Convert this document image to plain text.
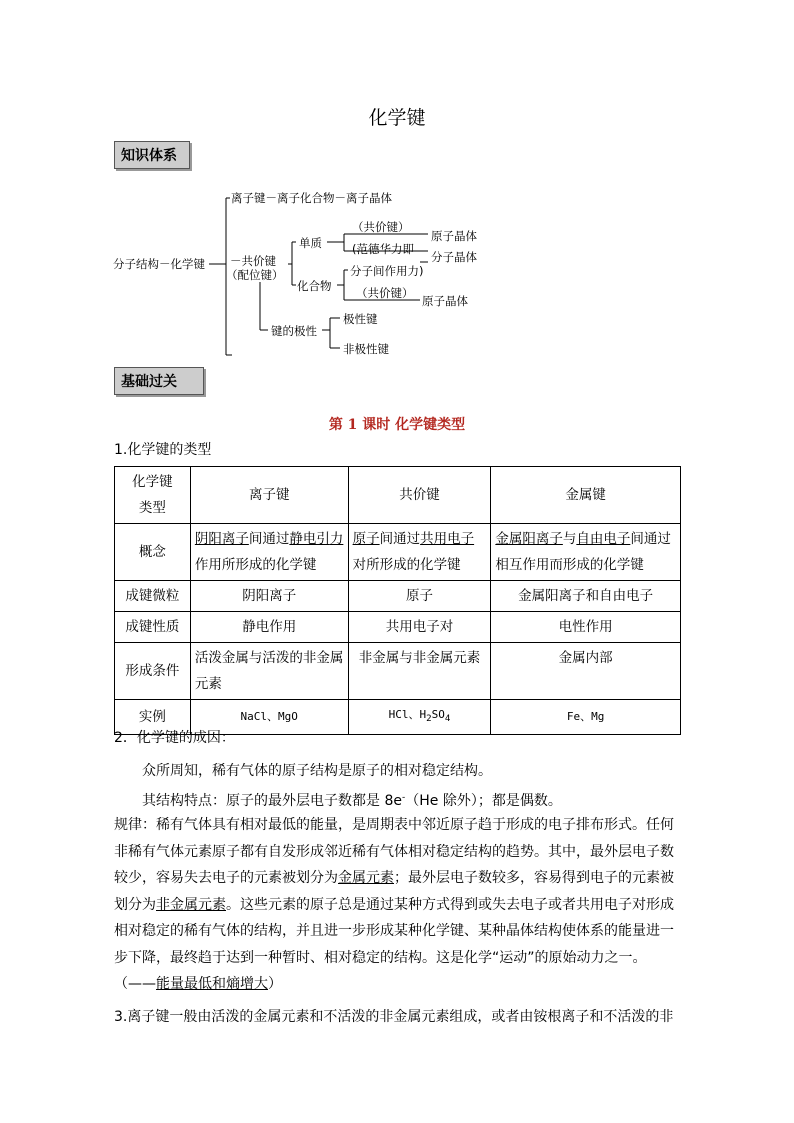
化学键
知识体系
分子结构－化学键
离子键－离子化合物－离子晶体
－共价键
（配位键）
单质
化合物
（共价键）
(范德华力即
分子间作用力)
（共价键）
原子晶体
分子晶体
原子晶体
键的极性
极性键
非极性键
基础过关
第 1 课时 化学键类型
1.化学键的类型
化学键
类型	离子键	共价键	金属键
概念	阴阳离子间通过静电引力作用所形成的化学键	原子间通过共用电子对所形成的化学键	金属阳离子与自由电子间通过相互作用而形成的化学键
成键微粒	阴阳离子	原子	金属阳离子和自由电子
成键性质	静电作用	共用电子对	电性作用
形成条件	活泼金属与活泼的非金属元素	非金属与非金属元素	金属内部
实例	NaCl、MgO	HCl、$H_2SO_4$	Fe、Mg
2．化学键的成因：
众所周知，稀有气体的原子结构是原子的相对稳定结构。
其结构特点：原子的最外层电子数都是 8e-（He 除外）；都是偶数。
规律：稀有气体具有相对最低的能量，是周期表中邻近原子趋于形成的电子排布形式。任何非稀有气体元素原子都有自发形成邻近稀有气体相对稳定结构的趋势。其中，最外层电子数较少，容易失去电子的元素被划分为金属元素；最外层电子数较多，容易得到电子的元素被划分为非金属元素。这些元素的原子总是通过某种方式得到或失去电子或者共用电子对形成相对稳定的稀有气体的结构，并且进一步形成某种化学键、某种晶体结构使体系的能量进一步下降，最终趋于达到一种暂时、相对稳定的结构。这是化学“运动”的原始动力之一。
（——能量最低和熵增大）
3.离子键一般由活泼的金属元素和不活泼的非金属元素组成，或者由铵根离子和不活泼的非
